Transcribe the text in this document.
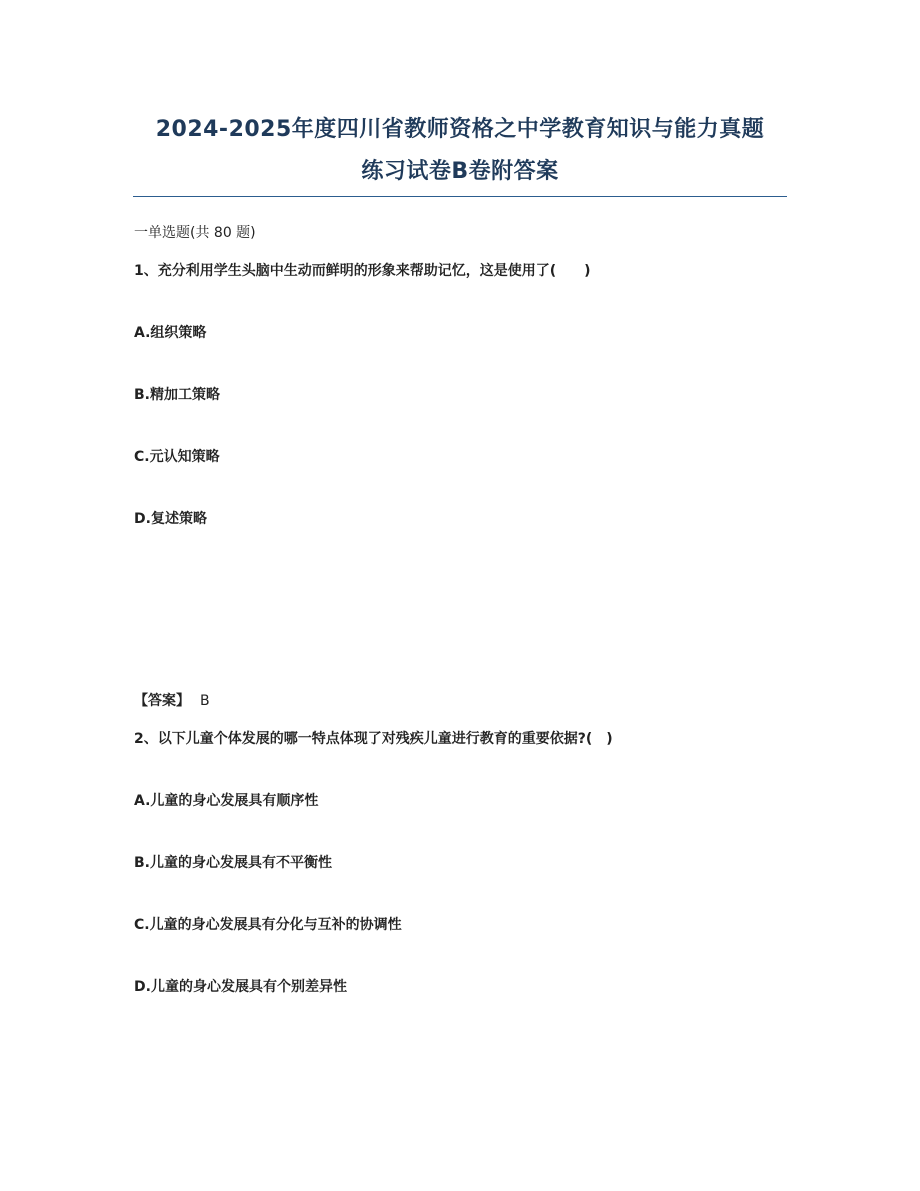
2024-2025年度四川省教师资格之中学教育知识与能力真题
练习试卷B卷附答案
一单选题(共 80 题)
1、充分利用学生头脑中生动而鲜明的形象来帮助记忆，这是使用了(　　)
A.组织策略
B.精加工策略
C.元认知策略
D.复述策略
【答案】 B
2、以下儿童个体发展的哪一特点体现了对残疾儿童进行教育的重要依据?(　)
A.儿童的身心发展具有顺序性
B.儿童的身心发展具有不平衡性
C.儿童的身心发展具有分化与互补的协调性
D.儿童的身心发展具有个别差异性
